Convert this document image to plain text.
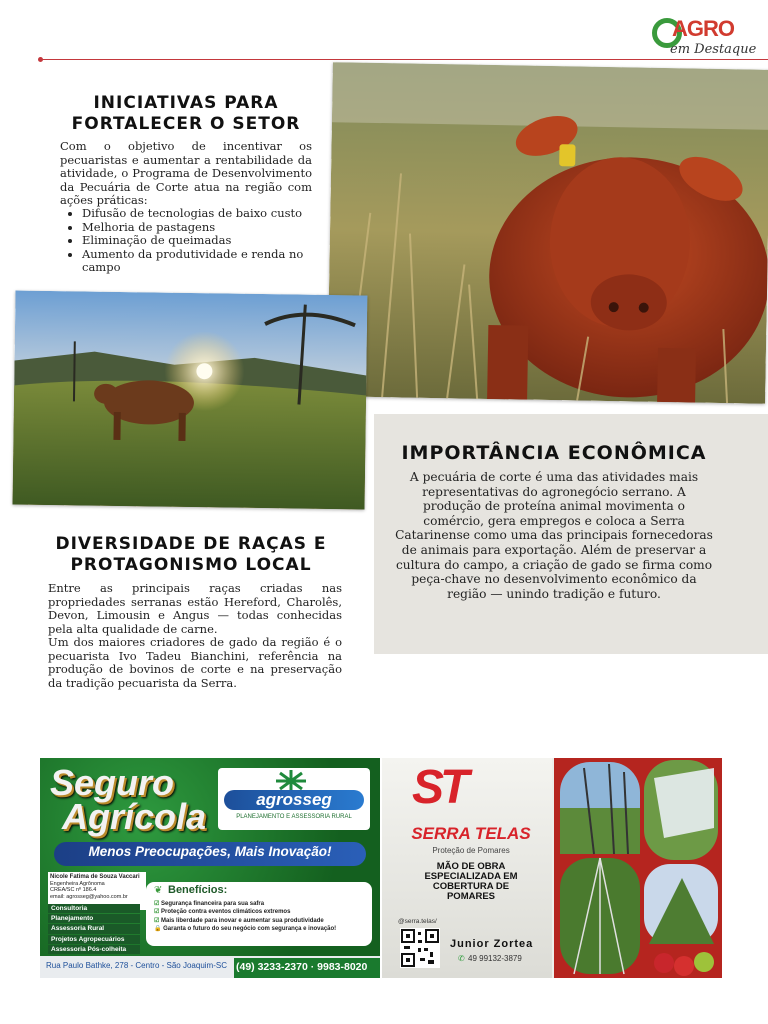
AGRO
em Destaque
INICIATIVAS PARA
FORTALECER O SETOR
Com o objetivo de incentivar os pecuaristas e aumentar a rentabilidade da atividade, o Programa de Desenvolvimento da Pecuária de Corte atua na região com ações práticas:
• Difusão de tecnologias de baixo custo
• Melhoria de pastagens
• Eliminação de queimadas
• Aumento da produtividade e renda no campo
DIVERSIDADE DE RAÇAS E
PROTAGONISMO LOCAL
Entre as principais raças criadas nas propriedades serranas estão Hereford, Charolês, Devon, Limousin e Angus — todas conhecidas pela alta qualidade de carne.
Um dos maiores criadores de gado da região é o pecuarista Ivo Tadeu Bianchini, referência na produção de bovinos de corte e na preservação da tradição pecuarista da Serra.
IMPORTÂNCIA ECONÔMICA
A pecuária de corte é uma das atividades mais representativas do agronegócio serrano. A produção de proteína animal movimenta o comércio, gera empregos e coloca a Serra Catarinense como uma das principais fornecedoras de animais para exportação. Além de preservar a cultura do campo, a criação de gado se firma como peça-chave no desenvolvimento econômico da região — unindo tradição e futuro.
Seguro
Agrícola	agrosseg
PLANEJAMENTO E ASSESSORIA RURAL
Menos Preocupações, Mais Inovação!
Nicole Fatima de Souza Vaccari
Engenheira Agrônoma
CREA/SC nº 186.4
email: agrosseg@yahoo.com.br
Consultoria
Planejamento
Assessoria Rural
Projetos Agropecuários
Assessoria Pós-colheita
❦ Benefícios:
☑ Segurança financeira para sua safra
☑ Proteção contra eventos climáticos extremos
☑ Mais liberdade para inovar e aumentar sua produtividade
🔒 Garanta o futuro do seu negócio com segurança e inovação!
Rua Paulo Bathke, 278 - Centro - São Joaquim-SC (49) 3233-2370 · 9983-8020
ST
SERRA TELAS
Proteção de Pomares
MÃO DE OBRA
ESPECIALIZADA EM
COBERTURA DE
POMARES
@serra.telas/
Junior Zortea
✆ 49 99132-3879
